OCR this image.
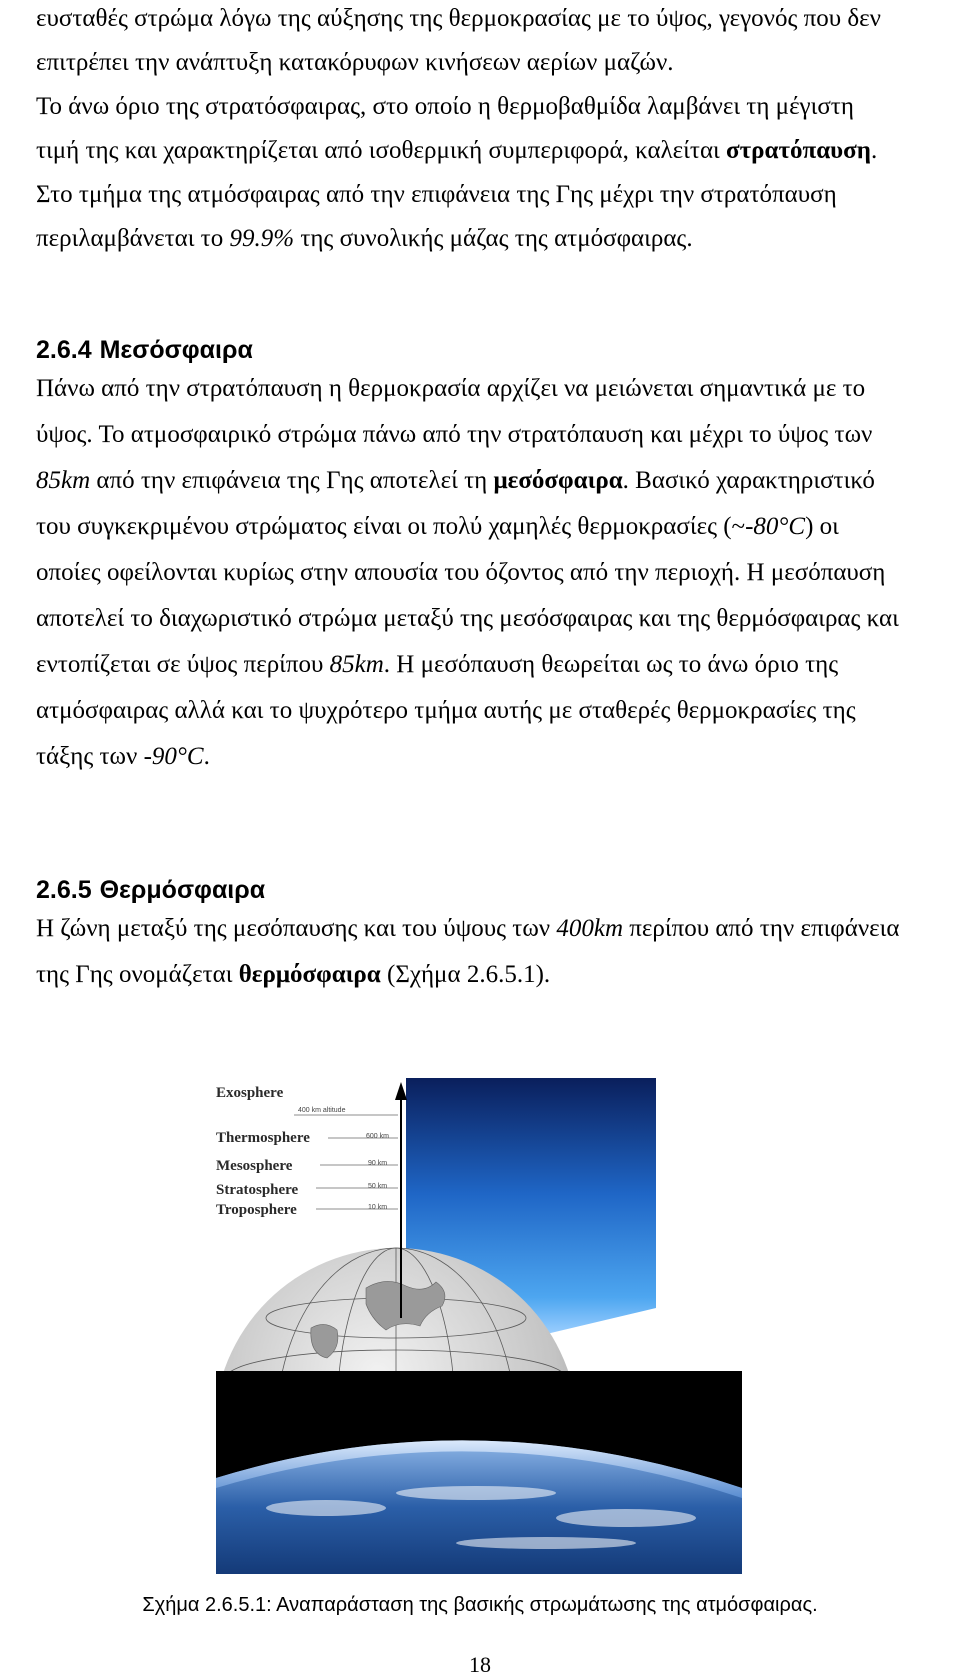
ευσταθές στρώμα λόγω της αύξησης της θερμοκρασίας με το ύψος, γεγονός που δεν

επιτρέπει την ανάπτυξη κατακόρυφων κινήσεων αερίων μαζών.

Το άνω όριο της στρατόσφαιρας, στο οποίο η θερμοβαθμίδα λαμβάνει τη μέγιστη

τιμή της και χαρακτηρίζεται από ισοθερμική συμπεριφορά, καλείται στρατόπαυση.

Στο τμήμα της ατμόσφαιρας από την επιφάνεια της Γης μέχρι την στρατόπαυση

περιλαμβάνεται το 99.9% της συνολικής μάζας της ατμόσφαιρας.

2.6.4 Μεσόσφαιρα

Πάνω από την στρατόπαυση η θερμοκρασία αρχίζει να μειώνεται σημαντικά με το

ύψος. Το ατμοσφαιρικό στρώμα πάνω από την στρατόπαυση και μέχρι το ύψος των

85km από την επιφάνεια της Γης αποτελεί τη μεσόσφαιρα. Βασικό χαρακτηριστικό

του συγκεκριμένου στρώματος είναι οι πολύ χαμηλές θερμοκρασίες (~-80°C) οι

οποίες οφείλονται κυρίως στην απουσία του όζοντος από την περιοχή. Η μεσόπαυση

αποτελεί το διαχωριστικό στρώμα μεταξύ της μεσόσφαιρας και της θερμόσφαιρας και

εντοπίζεται σε ύψος περίπου 85km. Η μεσόπαυση θεωρείται ως το άνω όριο της

ατμόσφαιρας αλλά και το ψυχρότερο τμήμα αυτής με σταθερές θερμοκρασίες της

τάξης των -90°C.

2.6.5 Θερμόσφαιρα

Η ζώνη μεταξύ της μεσόπαυσης και του ύψους των 400km περίπου από την επιφάνεια

της Γης ονομάζεται θερμόσφαιρα (Σχήμα 2.6.5.1).

Exosphere
Thermosphere
Mesosphere
Stratosphere
Troposphere
400 km altitude
600 km
90 km
50 km
10 km
Σχήμα 2.6.5.1: Αναπαράσταση της βασικής στρωμάτωσης της ατμόσφαιρας.
18
